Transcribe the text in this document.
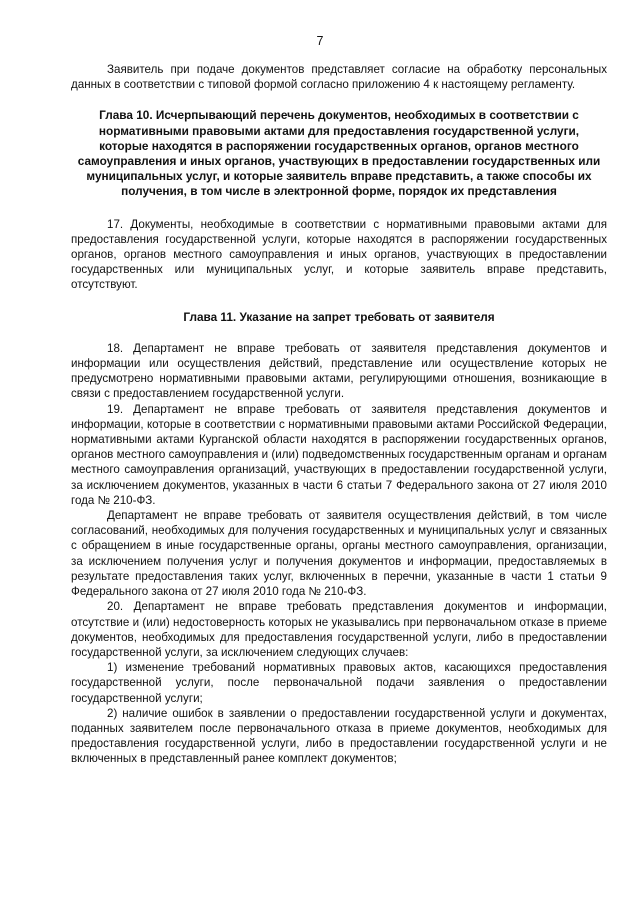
7

Заявитель при подаче документов представляет согласие на обработку персональных данных в соответствии с типовой формой согласно приложению 4 к настоящему регламенту.

Глава 10. Исчерпывающий перечень документов, необходимых в соответствии с нормативными правовыми актами для предоставления государственной услуги, которые находятся в распоряжении государственных органов, органов местного самоуправления и иных органов, участвующих в предоставлении государственных или муниципальных услуг, и которые заявитель вправе представить, а также способы их получения, в том числе в электронной форме, порядок их представления

17. Документы, необходимые в соответствии с нормативными правовыми актами для предоставления государственной услуги, которые находятся в распоряжении государственных органов, органов местного самоуправления и иных органов, участвующих в предоставлении государственных или муниципальных услуг, и которые заявитель вправе представить, отсутствуют.

Глава 11. Указание на запрет требовать от заявителя

18. Департамент не вправе требовать от заявителя представления документов и информации или осуществления действий, представление или осуществление которых не предусмотрено нормативными правовыми актами, регулирующими отношения, возникающие в связи с предоставлением государственной услуги.

19. Департамент не вправе требовать от заявителя представления документов и информации, которые в соответствии с нормативными правовыми актами Российской Федерации, нормативными актами Курганской области находятся в распоряжении государственных органов, органов местного самоуправления и (или) подведомственных государственным органам и органам местного самоуправления организаций, участвующих в предоставлении государственной услуги, за исключением документов, указанных в части 6 статьи 7 Федерального закона от 27 июля 2010 года № 210-ФЗ.

Департамент не вправе требовать от заявителя осуществления действий, в том числе согласований, необходимых для получения государственных и муниципальных услуг и связанных с обращением в иные государственные органы, органы местного самоуправления, организации, за исключением получения услуг и получения документов и информации, предоставляемых в результате предоставления таких услуг, включенных в перечни, указанные в части 1 статьи 9 Федерального закона от 27 июля 2010 года № 210-ФЗ.

20. Департамент не вправе требовать представления документов и информации, отсутствие и (или) недостоверность которых не указывались при первоначальном отказе в приеме документов, необходимых для предоставления государственной услуги, либо в предоставлении государственной услуги, за исключением следующих случаев:

1) изменение требований нормативных правовых актов, касающихся предоставления государственной услуги, после первоначальной подачи заявления о предоставлении государственной услуги;

2) наличие ошибок в заявлении о предоставлении государственной услуги и документах, поданных заявителем после первоначального отказа в приеме документов, необходимых для предоставления государственной услуги, либо в предоставлении государственной услуги и не включенных в представленный ранее комплект документов;
